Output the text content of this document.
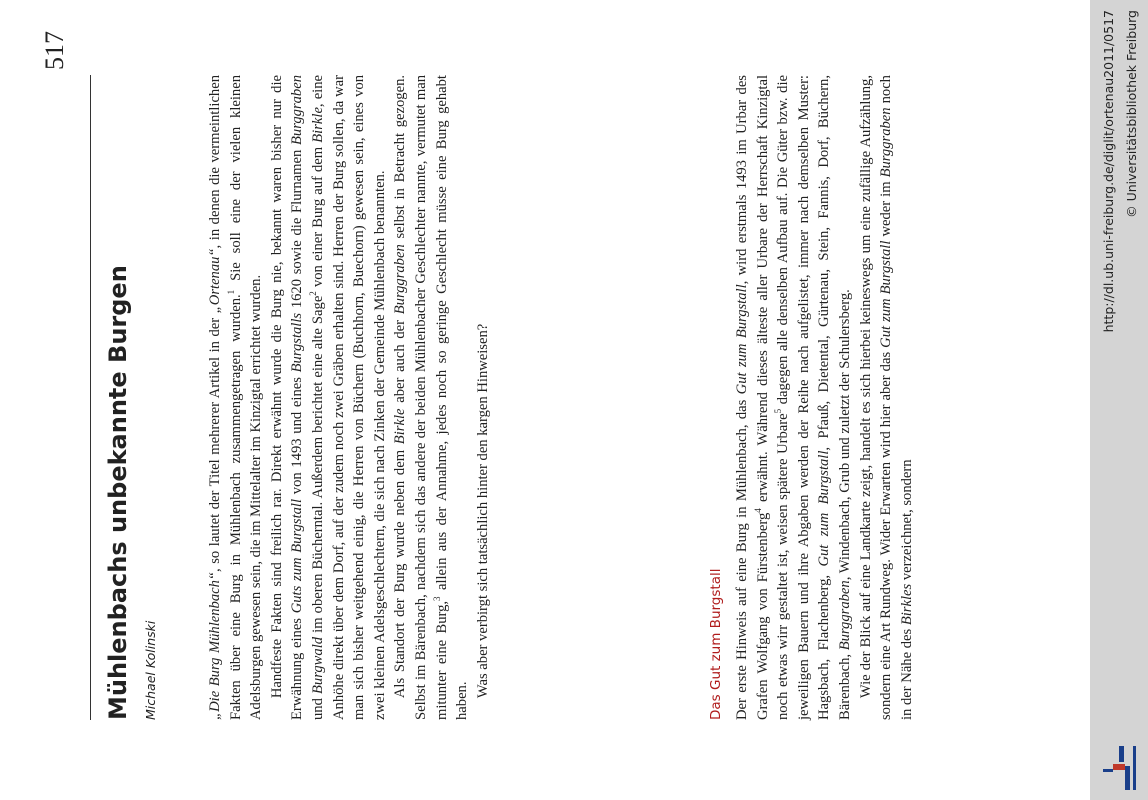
517
Mühlenbachs unbekannte Burgen Michael Kolinski	„Die Burg Mühlenbach“, so lautet der Titel mehrerer Artikel in der „Ortenau“, in denen die vermeintlichen Fakten über eine Burg in Mühlenbach zusammengetragen wurden.$^1$ Sie soll eine der vielen kleinen Adelsburgen gewesen sein, die im Mittelalter im Kinzigtal errichtet wurden. Handfeste Fakten sind freilich rar. Direkt erwähnt wurde die Burg nie, bekannt waren bisher nur die Erwähnung eines Guts zum Burgstall von 1493 und eines Burgstalls 1620 sowie die Flurnamen Burggraben und Burgwald im oberen Bücherntal. Außerdem berichtet eine alte Sage$^2$ von einer Burg auf dem Birkle, eine Anhöhe direkt über dem Dorf, auf der zudem noch zwei Gräben erhalten sind. Herren der Burg sollen, da war man sich bisher weitgehend einig, die Herren von Büchern (Buchhorn, Buechorn) gewesen sein, eines von zwei kleinen Adelsgeschlechtern, die sich nach Zinken der Gemeinde Mühlenbach benannten. Als Standort der Burg wurde neben dem Birkle aber auch der Burggraben selbst in Betracht gezogen. Selbst im Bärenbach, nachdem sich das andere der beiden Mühlenbacher Geschlechter nannte, vermutet man mitunter eine Burg,$^3$ allein aus der Annahme, jedes noch so geringe Geschlecht müsse eine Burg gehabt haben.

Was aber verbirgt sich tatsächlich hinter den kargen Hinweisen?	Das Gut zum Burgstall Der erste Hinweis auf eine Burg in Mühlenbach, das Gut zum Burgstall, wird erstmals 1493 im Urbar des Grafen Wolfgang von Fürstenberg$^4$ erwähnt. Während dieses älteste aller Urbare der Herrschaft Kinzigtal noch etwas wirr gestaltet ist, weisen spätere Urbare$^5$ dagegen alle denselben Aufbau auf. Die Güter bzw. die jeweiligen Bauern und ihre Abgaben werden der Reihe nach aufgelistet, immer nach demselben Muster: Hagsbach, Flachenberg, Gut zum Burgstall, Pfauß, Dietental, Gürtenau, Stein, Fannis, Dorf, Büchern, Bärenbach, Burggraben, Windenbach, Grub und zuletzt der Schulersberg. Wie der Blick auf eine Landkarte zeigt, handelt es sich hierbei keineswegs um eine zufällige Aufzählung, sondern eine Art Rundweg. Wider Erwarten wird hier aber das Gut zum Burgstall weder im Burggraben noch in der Nähe des Birkles verzeichnet, sondern

http://dl.ub.uni-freiburg.de/diglit/ortenau2011/0517 © Universitätsbibliothek Freiburg
